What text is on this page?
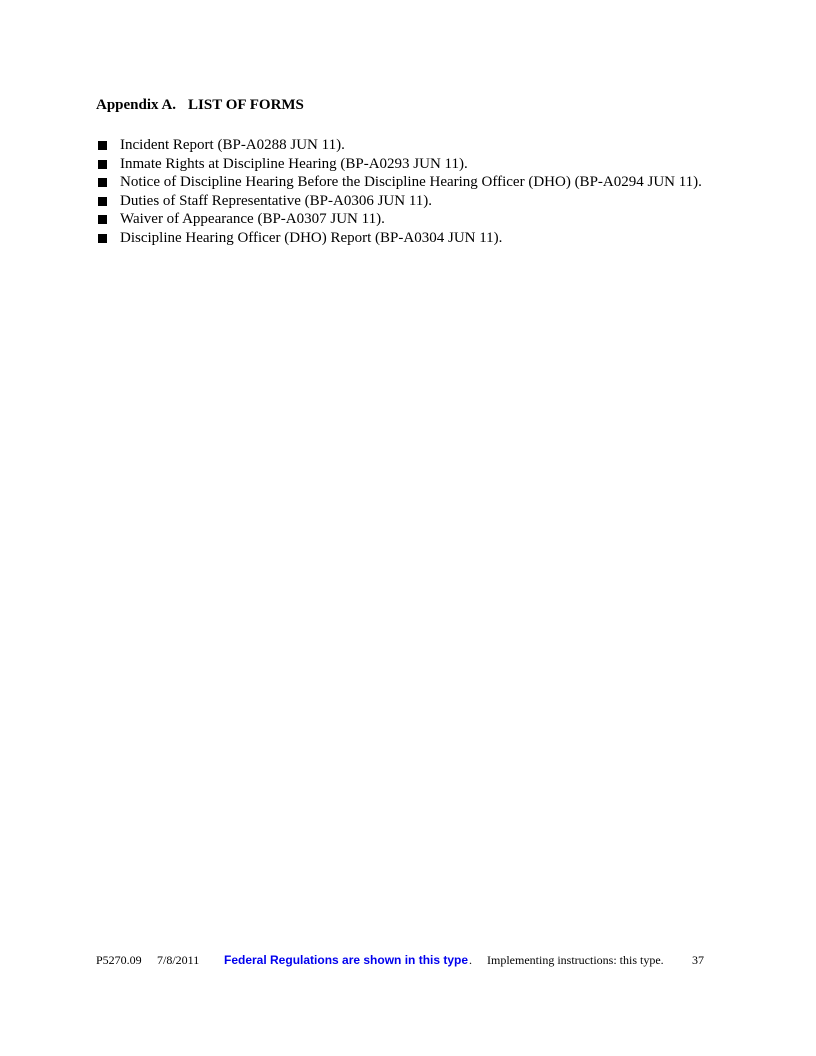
Appendix A. LIST OF FORMS
Incident Report (BP-A0288 JUN 11).
Inmate Rights at Discipline Hearing (BP-A0293 JUN 11).
Notice of Discipline Hearing Before the Discipline Hearing Officer (DHO) (BP-A0294 JUN 11).
Duties of Staff Representative (BP-A0306 JUN 11).
Waiver of Appearance (BP-A0307 JUN 11).
Discipline Hearing Officer (DHO) Report (BP-A0304 JUN 11).
P5270.09 7/8/2011 Federal Regulations are shown in this type . Implementing instructions: this type. 37
